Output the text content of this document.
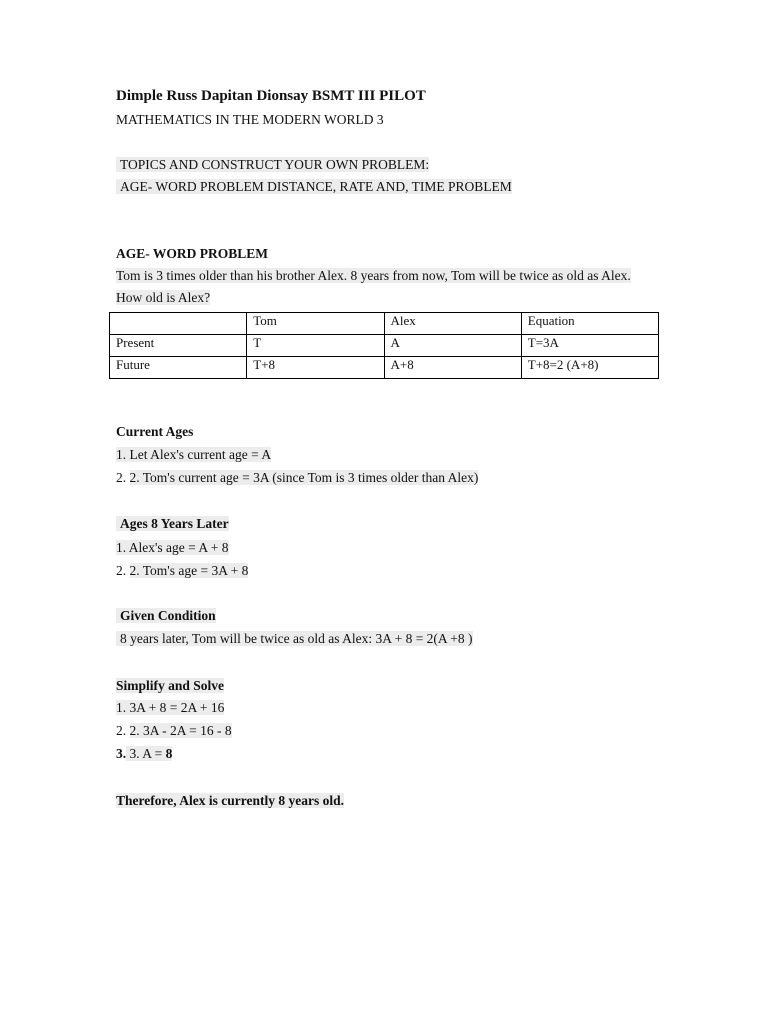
Dimple Russ Dapitan Dionsay BSMT III PILOT
MATHEMATICS IN THE MODERN WORLD 3
TOPICS AND CONSTRUCT YOUR OWN PROBLEM:
AGE- WORD PROBLEM DISTANCE, RATE AND, TIME PROBLEM
AGE- WORD PROBLEM
Tom is 3 times older than his brother Alex. 8 years from now, Tom will be twice as old as Alex.
How old is Alex?
	Tom	Alex	Equation
Present	T	A	T=3A
Future	T+8	A+8	T+8=2 (A+8)
Current Ages
1. Let Alex's current age = A
2. 2. Tom's current age = 3A (since Tom is 3 times older than Alex)
Ages 8 Years Later
1. Alex's age = A + 8
2. 2. Tom's age = 3A + 8
Given Condition
8 years later, Tom will be twice as old as Alex: 3A + 8 = 2(A +8 )
Simplify and Solve
1. 3A + 8 = 2A + 16
2. 2. 3A - 2A = 16 - 8
3. 3. A = 8
Therefore, Alex is currently 8 years old.
